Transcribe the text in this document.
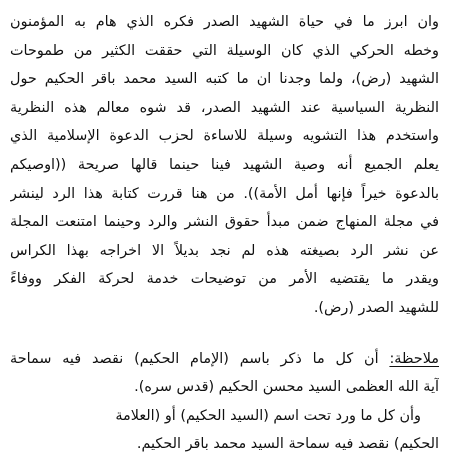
وان ابرز ما في حياة الشهيد الصدر فكره الذي هام به المؤمنون
وخطه الحركي الذي كان الوسيلة التي حققت الكثير من طموحات
الشهيد (رض)، ولما وجدنا ان ما كتبه السيد محمد باقر الحكيم حول
النظرية السياسية عند الشهيد الصدر، قد شوه معالم هذه النظرية
واستخدم هذا التشويه وسيلة للاساءة لحزب الدعوة الإسلامية الذي
يعلم الجميع أنه وصية الشهيد فينا حينما قالها صريحة ((اوصيكم
بالدعوة خيراً فإنها أمل الأمة)). من هنا قررت كتابة هذا الرد لينشر
في مجلة المنهاج ضمن مبدأ حقوق النشر والرد وحينما امتنعت المجلة
عن نشر الرد بصيغته هذه لم نجد بديلاً الا اخراجه بهذا الكراس
ويقدر ما يقتضيه الأمر من توضيحات خدمة لحركة الفكر ووفاءً
للشهيد الصدر (رض).
ملاحظة: أن كل ما ذكر باسم (الإمام الحكيم) نقصد فيه سماحة
آية الله العظمى السيد محسن الحكيم (قدس سره).
وأن كل ما ورد تحت اسم (السيد الحكيم) أو (العلامة
الحكيم) نقصد فيه سماحة السيد محمد باقر الحكيم.
